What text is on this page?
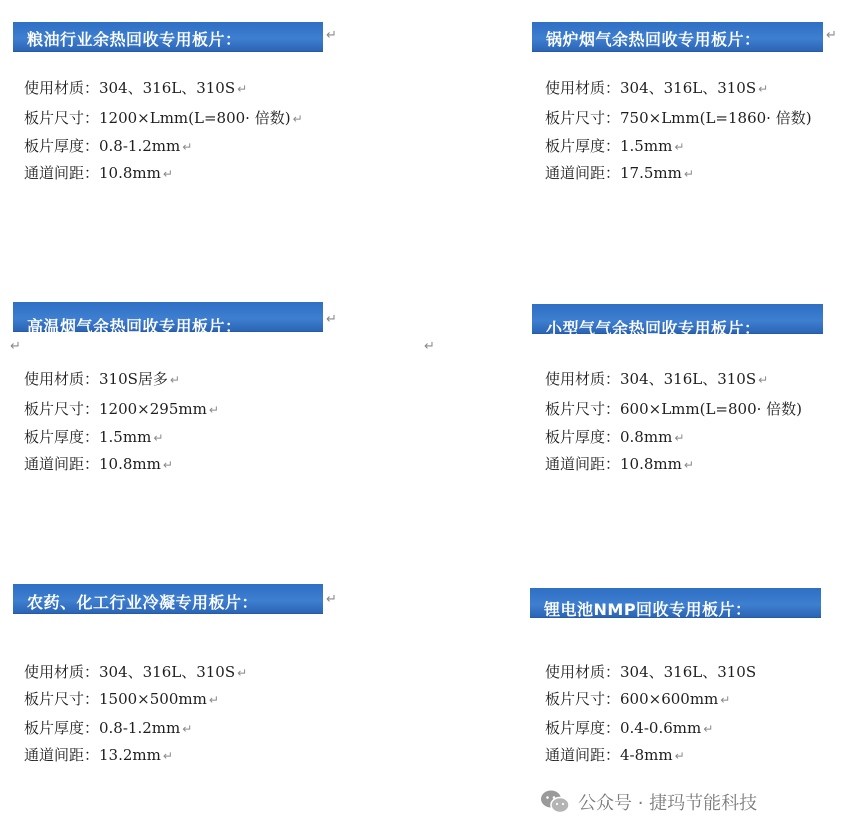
粮油行业余热回收专用板片：	↵
使用材质：304、316L、310S ↵
板片尺寸：1200×Lmm(L=800· 倍数) ↵
板片厚度：0.8-1.2mm ↵
通道间距：10.8mm ↵
锅炉烟气余热回收专用板片：	↵
使用材质：304、316L、310S ↵
板片尺寸：750×Lmm(L=1860· 倍数)
板片厚度：1.5mm ↵
通道间距：17.5mm ↵
高温烟气余热回收专用板片：	↵
↵	↵
使用材质：310S居多 ↵
板片尺寸：1200×295mm ↵
板片厚度：1.5mm ↵
通道间距：10.8mm ↵
小型气气余热回收专用板片：
使用材质：304、316L、310S ↵
板片尺寸：600×Lmm(L=800· 倍数)
板片厚度：0.8mm ↵
通道间距：10.8mm ↵
农药、化工行业冷凝专用板片：	↵
使用材质：304、316L、310S ↵
板片尺寸：1500×500mm ↵
板片厚度：0.8-1.2mm ↵
通道间距：13.2mm ↵
锂电池NMP回收专用板片：
使用材质：304、316L、310S
板片尺寸：600×600mm ↵
板片厚度：0.4-0.6mm ↵
通道间距：4-8mm ↵
公众号 · 捷玛节能科技
